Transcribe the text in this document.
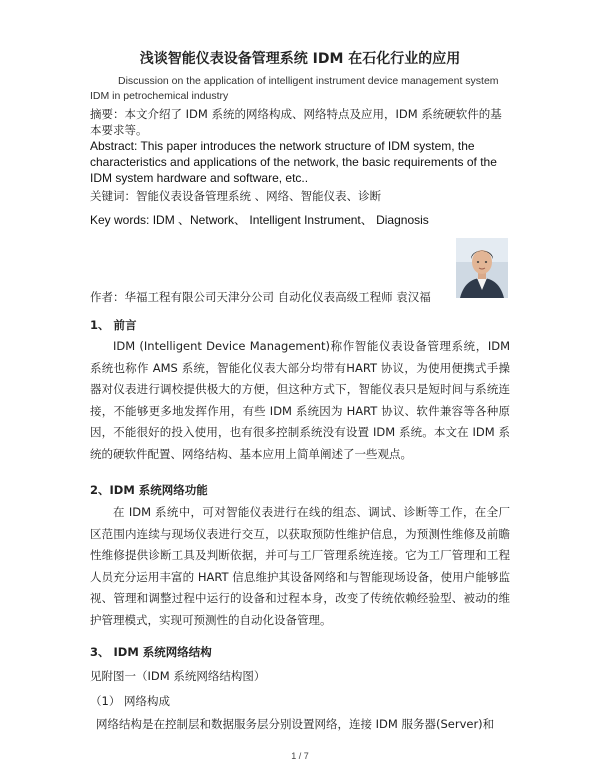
浅谈智能仪表设备管理系统 IDM 在石化行业的应用
Discussion on the application of intelligent instrument device management system IDM in petrochemical industry
摘要：本文介绍了 IDM 系统的网络构成、网络特点及应用，IDM 系统硬软件的基本要求等。
Abstract: This paper introduces the network structure of IDM system, the characteristics and applications of the network, the basic requirements of the IDM system hardware and software, etc..
关键词：智能仪表设备管理系统 、网络、智能仪表、诊断
Key words: IDM 、Network、 Intelligent Instrument、 Diagnosis
作者：华福工程有限公司天津分公司 自动化仪表高级工程师 袁汉福
1、 前言
IDM (Intelligent Device Management)称作智能仪表设备管理系统，IDM 系统也称作 AMS 系统，智能化仪表大部分均带有HART 协议，为使用便携式手操器对仪表进行调校提供极大的方便，但这种方式下，智能仪表只是短时间与系统连接，不能够更多地发挥作用，有些 IDM 系统因为 HART 协议、软件兼容等各种原因，不能很好的投入使用，也有很多控制系统没有设置 IDM 系统。本文在 IDM 系统的硬软件配置、网络结构、基本应用上简单阐述了一些观点。
2、IDM 系统网络功能
在 IDM 系统中，可对智能仪表进行在线的组态、调试、诊断等工作，在全厂区范围内连续与现场仪表进行交互，以获取预防性维护信息，为预测性维修及前瞻性维修提供诊断工具及判断依据，并可与工厂管理系统连接。它为工厂管理和工程人员充分运用丰富的 HART 信息维护其设备网络和与智能现场设备，使用户能够监视、管理和调整过程中运行的设备和过程本身，改变了传统依赖经验型、被动的维护管理模式，实现可预测性的自动化设备管理。
3、 IDM 系统网络结构
见附图一（IDM 系统网络结构图）
（1） 网络构成
网络结构是在控制层和数据服务层分别设置网络，连接 IDM 服务器(Server)和
1 / 7
